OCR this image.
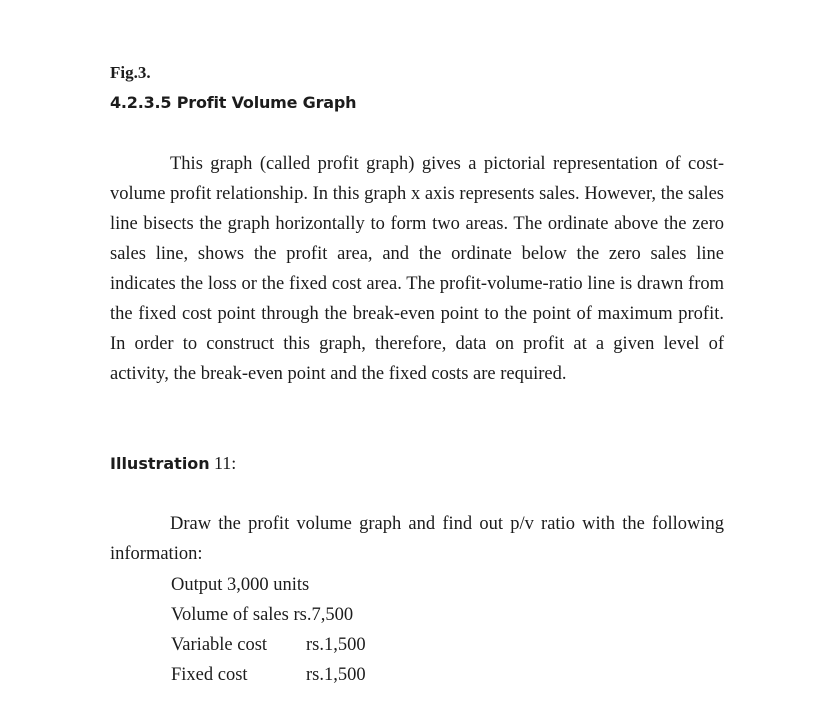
Fig.3.

4.2.3.5 Profit Volume Graph

This graph (called profit graph) gives a pictorial representation of cost-volume profit relationship. In this graph x axis represents sales. However, the sales line bisects the graph horizontally to form two areas. The ordinate above the zero sales line, shows the profit area, and the ordinate below the zero sales line indicates the loss or the fixed cost area. The profit-volume-ratio line is drawn from the fixed cost point through the break-even point to the point of maximum profit. In order to construct this graph, therefore, data on profit at a given level of activity, the break-even point and the fixed costs are required.

Illustration 11:

Draw the profit volume graph and find out p/v ratio with the following information:

Output 3,000 units
Volume of sales rs.7,500
Variable cost rs.1,500
Fixed cost	rs.1,500
